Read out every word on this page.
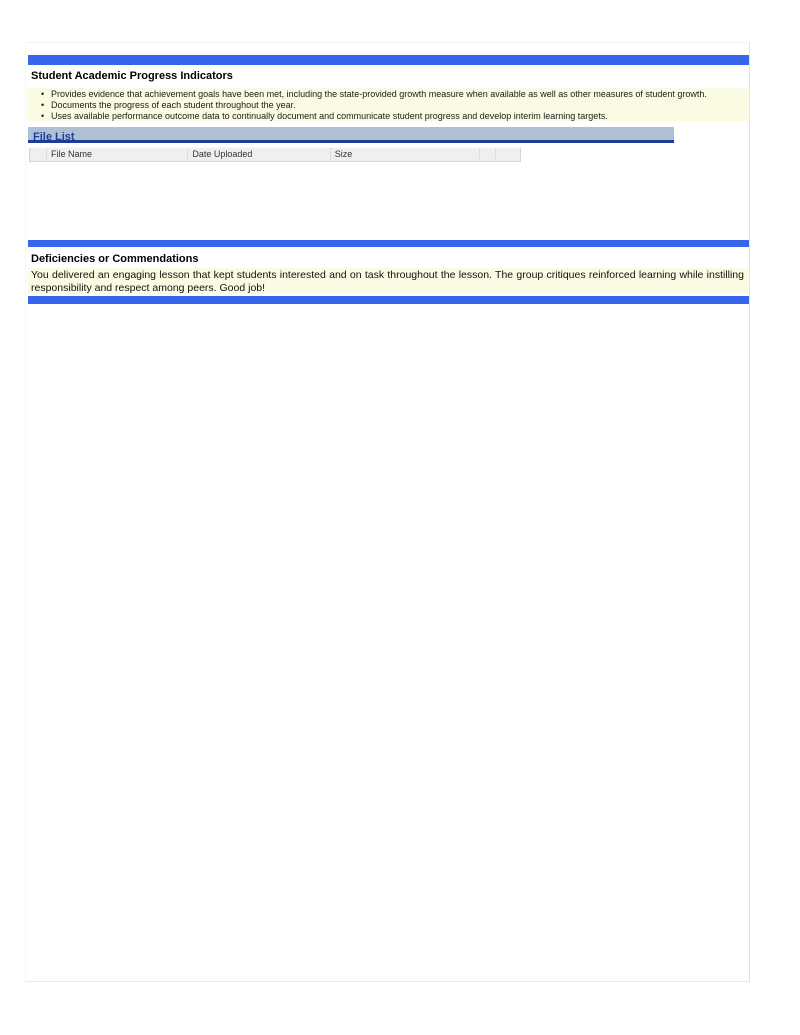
Student Academic Progress Indicators
• Provides evidence that achievement goals have been met, including the state-provided growth measure when available as well as other measures of student growth.
• Documents the progress of each student throughout the year.
• Uses available performance outcome data to continually document and communicate student progress and develop interim learning targets.
File List
File Name	Date Uploaded	Size
Deficiencies or Commendations
You delivered an engaging lesson that kept students interested and on task throughout the lesson. The group critiques reinforced learning while instilling responsibility and respect among peers. Good job!
